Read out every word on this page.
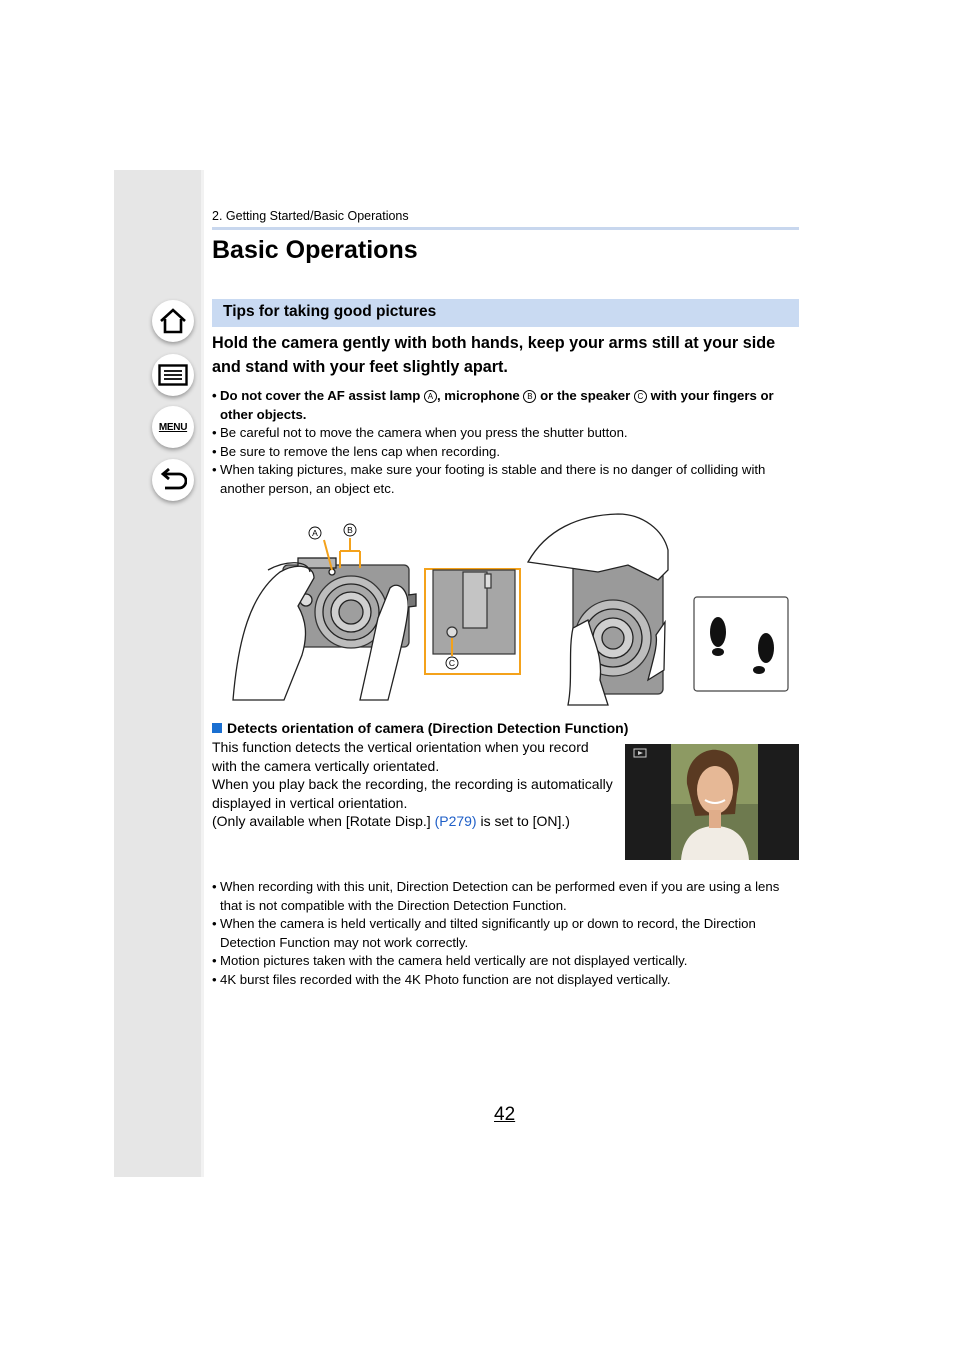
MENU
2. Getting Started/Basic Operations
Basic Operations
Tips for taking good pictures
Hold the camera gently with both hands, keep your arms still at your side and stand with your feet slightly apart.
• Do not cover the AF assist lamp A , microphone B or the speaker C with your fingers or other objects.
• Be careful not to move the camera when you press the shutter button.
• Be sure to remove the lens cap when recording.
• When taking pictures, make sure your footing is stable and there is no danger of colliding with another person, an object etc.
A	B
C
Detects orientation of camera (Direction Detection Function)
This function detects the vertical orientation when you record with the camera vertically orientated.
When you play back the recording, the recording is automatically displayed in vertical orientation.
(Only available when [Rotate Disp.] (P279) is set to [ON].)
• When recording with this unit, Direction Detection can be performed even if you are using a lens that is not compatible with the Direction Detection Function.
• When the camera is held vertically and tilted significantly up or down to record, the Direction Detection Function may not work correctly.
• Motion pictures taken with the camera held vertically are not displayed vertically.
• 4K burst files recorded with the 4K Photo function are not displayed vertically.
42
